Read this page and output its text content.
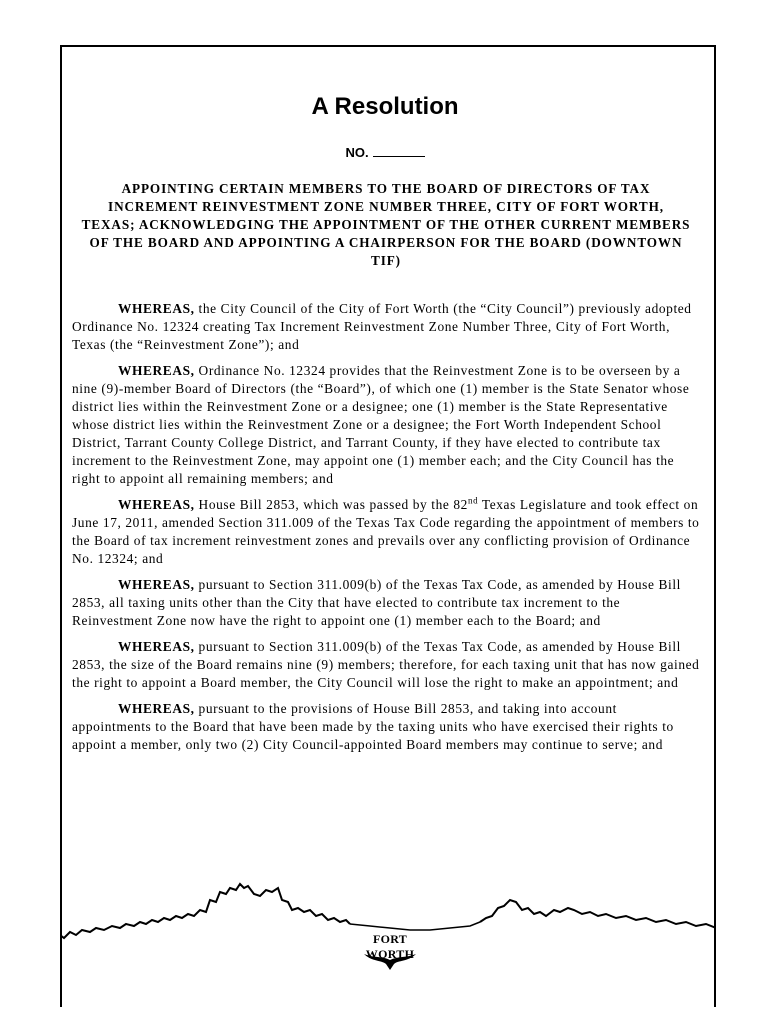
A Resolution
NO.
APPOINTING CERTAIN MEMBERS TO THE BOARD OF DIRECTORS OF TAX INCREMENT REINVESTMENT ZONE NUMBER THREE, CITY OF FORT WORTH, TEXAS; ACKNOWLEDGING THE APPOINTMENT OF THE OTHER CURRENT MEMBERS OF THE BOARD AND APPOINTING A CHAIRPERSON FOR THE BOARD (DOWNTOWN TIF)

WHEREAS, the City Council of the City of Fort Worth (the “City Council”) previously adopted Ordinance No. 12324 creating Tax Increment Reinvestment Zone Number Three, City of Fort Worth, Texas (the “Reinvestment Zone”); and

WHEREAS, Ordinance No. 12324 provides that the Reinvestment Zone is to be overseen by a nine (9)-member Board of Directors (the “Board”), of which one (1) member is the State Senator whose district lies within the Reinvestment Zone or a designee; one (1) member is the State Representative whose district lies within the Reinvestment Zone or a designee; the Fort Worth Independent School District, Tarrant County College District, and Tarrant County, if they have elected to contribute tax increment to the Reinvestment Zone, may appoint one (1) member each; and the City Council has the right to appoint all remaining members; and

WHEREAS, House Bill 2853, which was passed by the 82nd Texas Legislature and took effect on June 17, 2011, amended Section 311.009 of the Texas Tax Code regarding the appointment of members to the Board of tax increment reinvestment zones and prevails over any conflicting provision of Ordinance No. 12324; and

WHEREAS, pursuant to Section 311.009(b) of the Texas Tax Code, as amended by House Bill 2853, all taxing units other than the City that have elected to contribute tax increment to the Reinvestment Zone now have the right to appoint one (1) member each to the Board; and

WHEREAS, pursuant to Section 311.009(b) of the Texas Tax Code, as amended by House Bill 2853, the size of the Board remains nine (9) members; therefore, for each taxing unit that has now gained the right to appoint a Board member, the City Council will lose the right to make an appointment; and

WHEREAS, pursuant to the provisions of House Bill 2853, and taking into account appointments to the Board that have been made by the taxing units who have exercised their rights to appoint a member, only two (2) City Council-appointed Board members may continue to serve; and

FORT WORTH
